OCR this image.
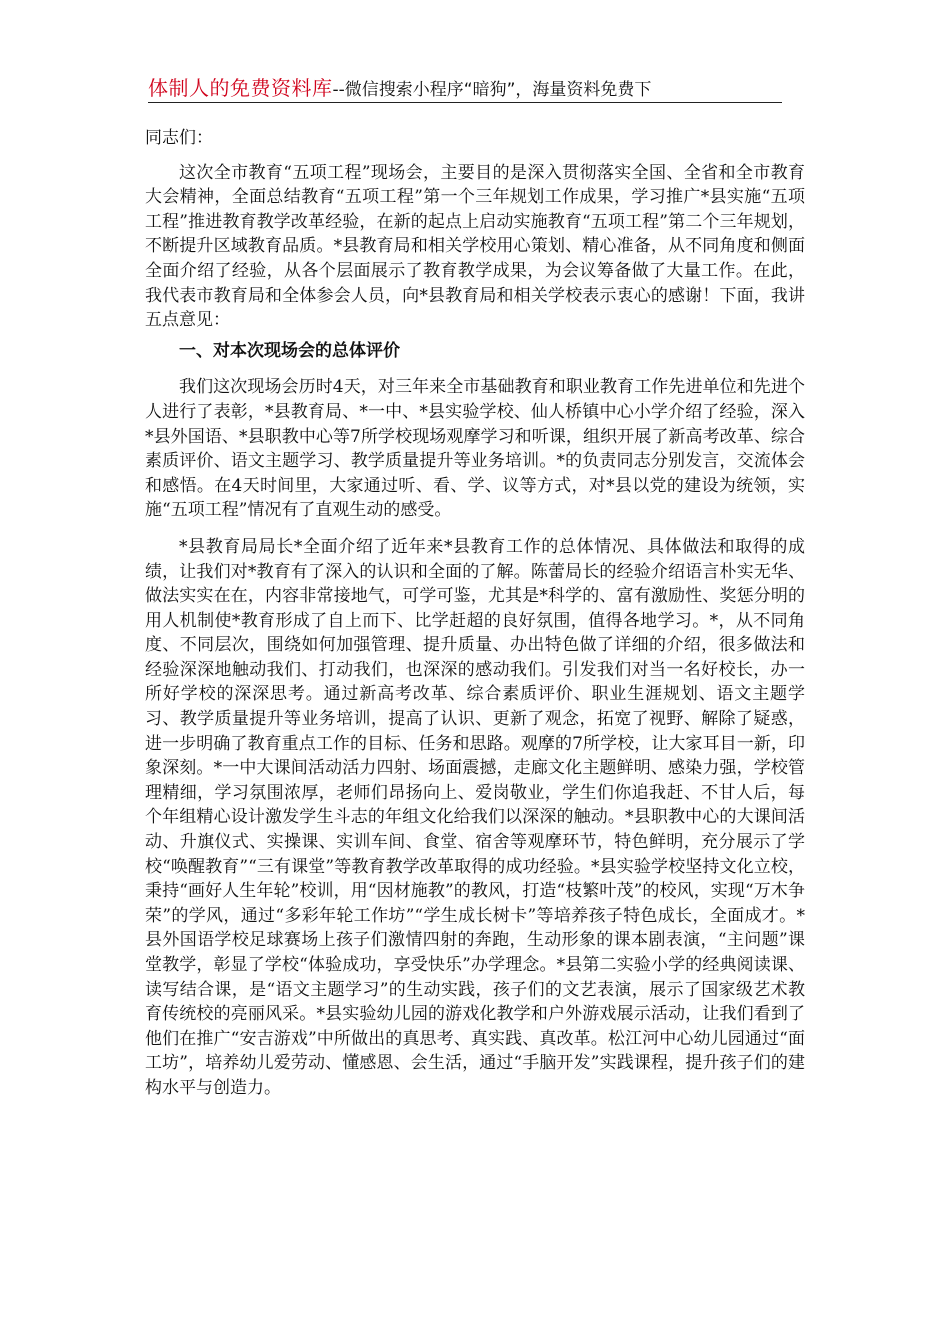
体制人的免费资料库--微信搜索小程序“暗狗”，海量资料免费下

同志们：

这次全市教育“五项工程”现场会，主要目的是深入贯彻落实全国、全省和全市教育大会精神，全面总结教育“五项工程”第一个三年规划工作成果，学习推广*县实施“五项工程”推进教育教学改革经验，在新的起点上启动实施教育“五项工程”第二个三年规划，不断提升区域教育品质。*县教育局和相关学校用心策划、精心准备，从不同角度和侧面全面介绍了经验，从各个层面展示了教育教学成果，为会议筹备做了大量工作。在此，我代表市教育局和全体参会人员，向*县教育局和相关学校表示衷心的感谢！下面，我讲五点意见：

一、对本次现场会的总体评价

我们这次现场会历时4天，对三年来全市基础教育和职业教育工作先进单位和先进个人进行了表彰，*县教育局、*一中、*县实验学校、仙人桥镇中心小学介绍了经验，深入*县外国语、*县职教中心等7所学校现场观摩学习和听课，组织开展了新高考改革、综合素质评价、语文主题学习、教学质量提升等业务培训。*的负责同志分别发言，交流体会和感悟。在4天时间里，大家通过听、看、学、议等方式，对*县以党的建设为统领，实施“五项工程”情况有了直观生动的感受。

*县教育局局长*全面介绍了近年来*县教育工作的总体情况、具体做法和取得的成绩，让我们对*教育有了深入的认识和全面的了解。陈蕾局长的经验介绍语言朴实无华、做法实实在在，内容非常接地气，可学可鉴，尤其是*科学的、富有激励性、奖惩分明的用人机制使*教育形成了自上而下、比学赶超的良好氛围，值得各地学习。*，从不同角度、不同层次，围绕如何加强管理、提升质量、办出特色做了详细的介绍，很多做法和经验深深地触动我们、打动我们，也深深的感动我们。引发我们对当一名好校长，办一所好学校的深深思考。通过新高考改革、综合素质评价、职业生涯规划、语文主题学习、教学质量提升等业务培训，提高了认识、更新了观念，拓宽了视野、解除了疑惑，进一步明确了教育重点工作的目标、任务和思路。观摩的7所学校，让大家耳目一新，印象深刻。*一中大课间活动活力四射、场面震撼，走廊文化主题鲜明、感染力强，学校管理精细，学习氛围浓厚，老师们昂扬向上、爱岗敬业，学生们你追我赶、不甘人后，每个年组精心设计激发学生斗志的年组文化给我们以深深的触动。*县职教中心的大课间活动、升旗仪式、实操课、实训车间、食堂、宿舍等观摩环节，特色鲜明，充分展示了学校“唤醒教育”“三有课堂”等教育教学改革取得的成功经验。*县实验学校坚持文化立校，秉持“画好人生年轮”校训，用“因材施教”的教风，打造“枝繁叶茂”的校风，实现“万木争荣”的学风，通过“多彩年轮工作坊”“学生成长树卡”等培养孩子特色成长，全面成才。*县外国语学校足球赛场上孩子们激情四射的奔跑，生动形象的课本剧表演，“主问题”课堂教学，彰显了学校“体验成功，享受快乐”办学理念。*县第二实验小学的经典阅读课、读写结合课，是“语文主题学习”的生动实践，孩子们的文艺表演，展示了国家级艺术教育传统校的亮丽风采。*县实验幼儿园的游戏化教学和户外游戏展示活动，让我们看到了他们在推广“安吉游戏”中所做出的真思考、真实践、真改革。松江河中心幼儿园通过“面工坊”，培养幼儿爱劳动、懂感恩、会生活，通过“手脑开发”实践课程，提升孩子们的建构水平与创造力。
